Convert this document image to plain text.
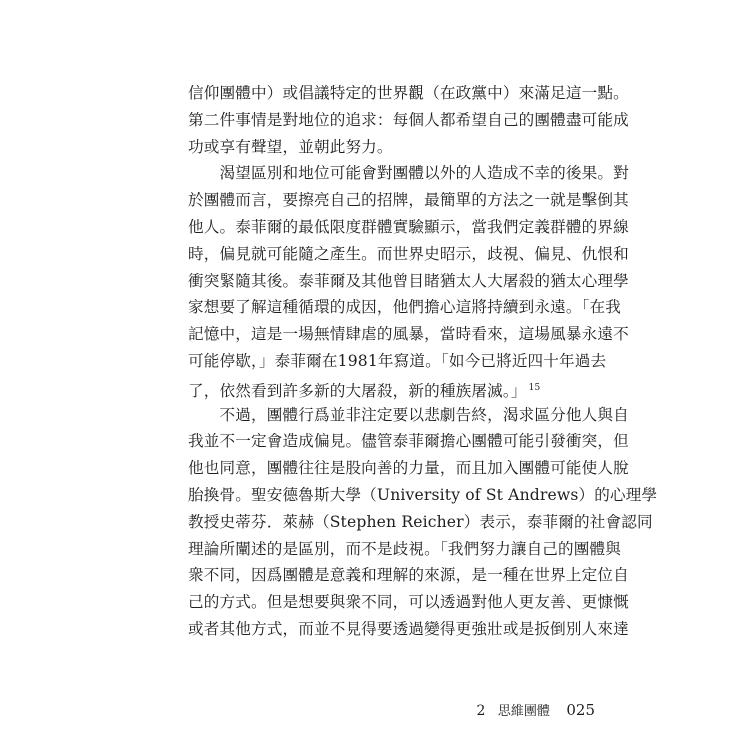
信仰團體中）或倡議特定的世界觀（在政黨中）來滿足這一點。
第二件事情是對地位的追求：每個人都希望自己的團體盡可能成
功或享有聲望，並朝此努力。
　　渴望區別和地位可能會對團體以外的人造成不幸的後果。對
於團體而言，要擦亮自己的招牌，最簡單的方法之一就是擊倒其
他人。泰菲爾的最低限度群體實驗顯示，當我們定義群體的界線
時，偏見就可能隨之產生。而世界史昭示，歧視、偏見、仇恨和
衝突緊隨其後。泰菲爾及其他曾目睹猶太人大屠殺的猶太心理學
家想要了解這種循環的成因，他們擔心這將持續到永遠。「在我
記憶中，這是一場無情肆虐的風暴，當時看來，這場風暴永遠不
可能停歇，」泰菲爾在1981年寫道。「如今已將近四十年過去
了，依然看到許多新的大屠殺，新的種族屠滅。」 $^{15}$
　　不過，團體行爲並非注定要以悲劇告終，渴求區分他人與自
我並不一定會造成偏見。儘管泰菲爾擔心團體可能引發衝突，但
他也同意，團體往往是股向善的力量，而且加入團體可能使人脫
胎換骨。聖安德魯斯大學（University of St Andrews）的心理學
教授史蒂芬．萊赫（Stephen Reicher）表示，泰菲爾的社會認同
理論所闡述的是區別，而不是歧視。「我們努力讓自己的團體與
衆不同，因爲團體是意義和理解的來源，是一種在世界上定位自
己的方式。但是想要與衆不同，可以透過對他人更友善、更慷慨
或者其他方式，而並不見得要透過變得更強壯或是扳倒別人來達
2 思維團體 025
